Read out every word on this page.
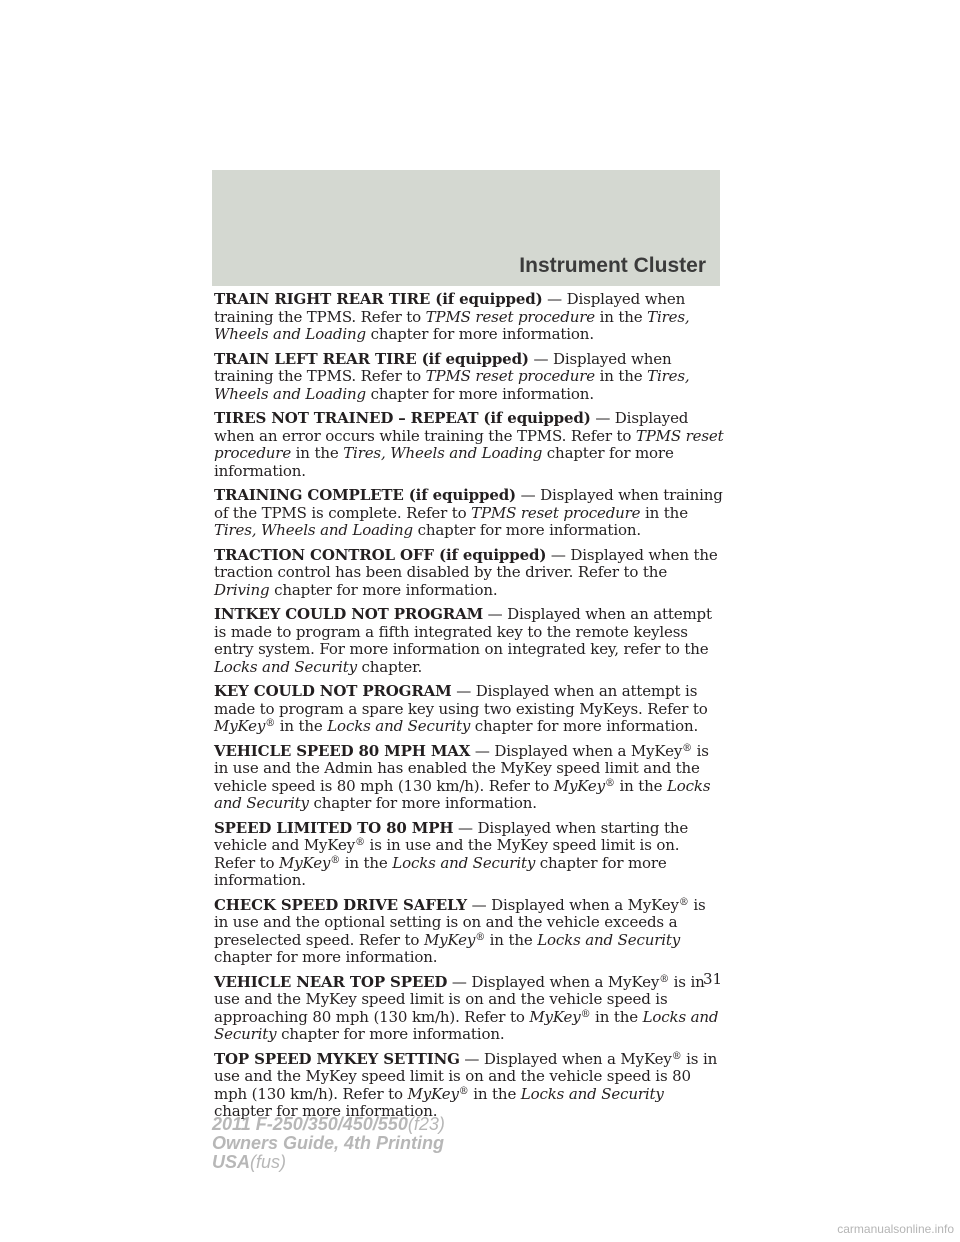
Instrument Cluster

TRAIN RIGHT REAR TIRE (if equipped) — Displayed when training the TPMS. Refer to TPMS reset procedure in the Tires, Wheels and Loading chapter for more information.

TRAIN LEFT REAR TIRE (if equipped) — Displayed when training the TPMS. Refer to TPMS reset procedure in the Tires, Wheels and Loading chapter for more information.

TIRES NOT TRAINED – REPEAT (if equipped) — Displayed when an error occurs while training the TPMS. Refer to TPMS reset procedure in the Tires, Wheels and Loading chapter for more information.

TRAINING COMPLETE (if equipped) — Displayed when training of the TPMS is complete. Refer to TPMS reset procedure in the Tires, Wheels and Loading chapter for more information.

TRACTION CONTROL OFF (if equipped) — Displayed when the traction control has been disabled by the driver. Refer to the Driving chapter for more information.

INTKEY COULD NOT PROGRAM — Displayed when an attempt is made to program a fifth integrated key to the remote keyless entry system. For more information on integrated key, refer to the Locks and Security chapter.

KEY COULD NOT PROGRAM — Displayed when an attempt is made to program a spare key using two existing MyKeys. Refer to MyKey® in the Locks and Security chapter for more information.

VEHICLE SPEED 80 MPH MAX — Displayed when a MyKey® is in use and the Admin has enabled the MyKey speed limit and the vehicle speed is 80 mph (130 km/h). Refer to MyKey® in the Locks and Security chapter for more information.

SPEED LIMITED TO 80 MPH — Displayed when starting the vehicle and MyKey® is in use and the MyKey speed limit is on. Refer to MyKey® in the Locks and Security chapter for more information.

CHECK SPEED DRIVE SAFELY — Displayed when a MyKey® is in use and the optional setting is on and the vehicle exceeds a preselected speed. Refer to MyKey® in the Locks and Security chapter for more information.

VEHICLE NEAR TOP SPEED — Displayed when a MyKey® is in use and the MyKey speed limit is on and the vehicle speed is approaching 80 mph (130 km/h). Refer to MyKey® in the Locks and Security chapter for more information.

TOP SPEED MYKEY SETTING — Displayed when a MyKey® is in use and the MyKey speed limit is on and the vehicle speed is 80 mph (130 km/h). Refer to MyKey® in the Locks and Security chapter for more information.

31
2011 F-250/350/450/550(f23)
Owners Guide, 4th Printing
USA(fus)
carmanualsonline.info
